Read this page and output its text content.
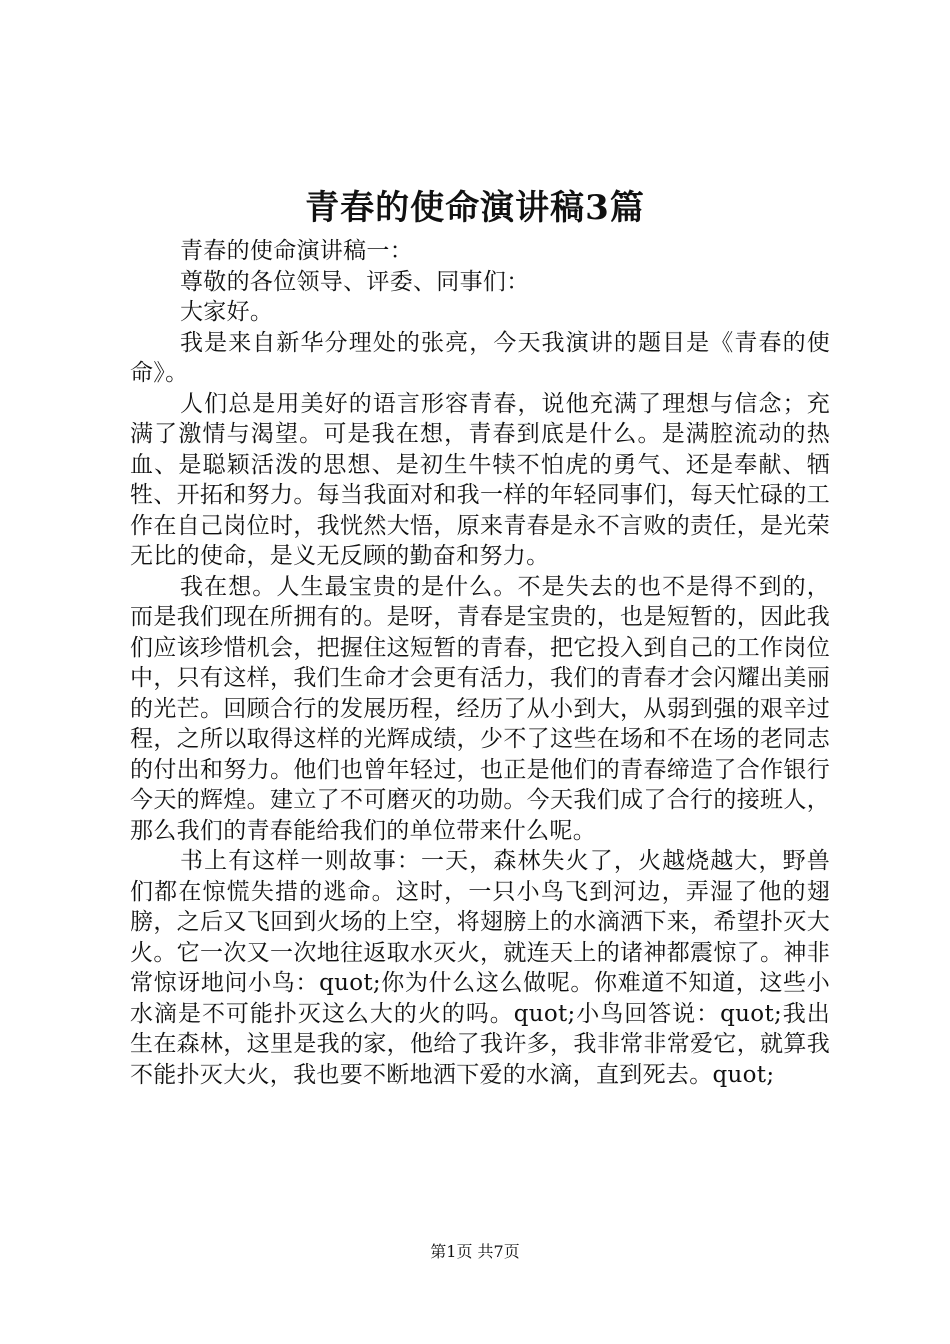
青春的使命演讲稿3篇

青春的使命演讲稿一：

尊敬的各位领导、评委、同事们：

大家好。

我是来自新华分理处的张亮，今天我演讲的题目是《青春的使命》。

人们总是用美好的语言形容青春，说他充满了理想与信念；充满了激情与渴望。可是我在想，青春到底是什么。是满腔流动的热血、是聪颖活泼的思想、是初生牛犊不怕虎的勇气、还是奉献、牺牲、开拓和努力。每当我面对和我一样的年轻同事们，每天忙碌的工作在自己岗位时，我恍然大悟，原来青春是永不言败的责任，是光荣无比的使命，是义无反顾的勤奋和努力。

我在想。人生最宝贵的是什么。不是失去的也不是得不到的，而是我们现在所拥有的。是呀，青春是宝贵的，也是短暂的，因此我们应该珍惜机会，把握住这短暂的青春，把它投入到自己的工作岗位中，只有这样，我们生命才会更有活力，我们的青春才会闪耀出美丽的光芒。回顾合行的发展历程，经历了从小到大，从弱到强的艰辛过程，之所以取得这样的光辉成绩，少不了这些在场和不在场的老同志的付出和努力。他们也曾年轻过，也正是他们的青春缔造了合作银行今天的辉煌。建立了不可磨灭的功勋。今天我们成了合行的接班人，那么我们的青春能给我们的单位带来什么呢。

书上有这样一则故事：一天，森林失火了，火越烧越大，野兽们都在惊慌失措的逃命。这时，一只小鸟飞到河边，弄湿了他的翅膀，之后又飞回到火场的上空，将翅膀上的水滴洒下来，希望扑灭大火。它一次又一次地往返取水灭火，就连天上的诸神都震惊了。神非常惊讶地问小鸟：quot;你为什么这么做呢。你难道不知道，这些小水滴是不可能扑灭这么大的火的吗。quot;小鸟回答说：quot;我出生在森林，这里是我的家，他给了我许多，我非常非常爱它，就算我不能扑灭大火，我也要不断地洒下爱的水滴，直到死去。quot;

第1页 共7页
